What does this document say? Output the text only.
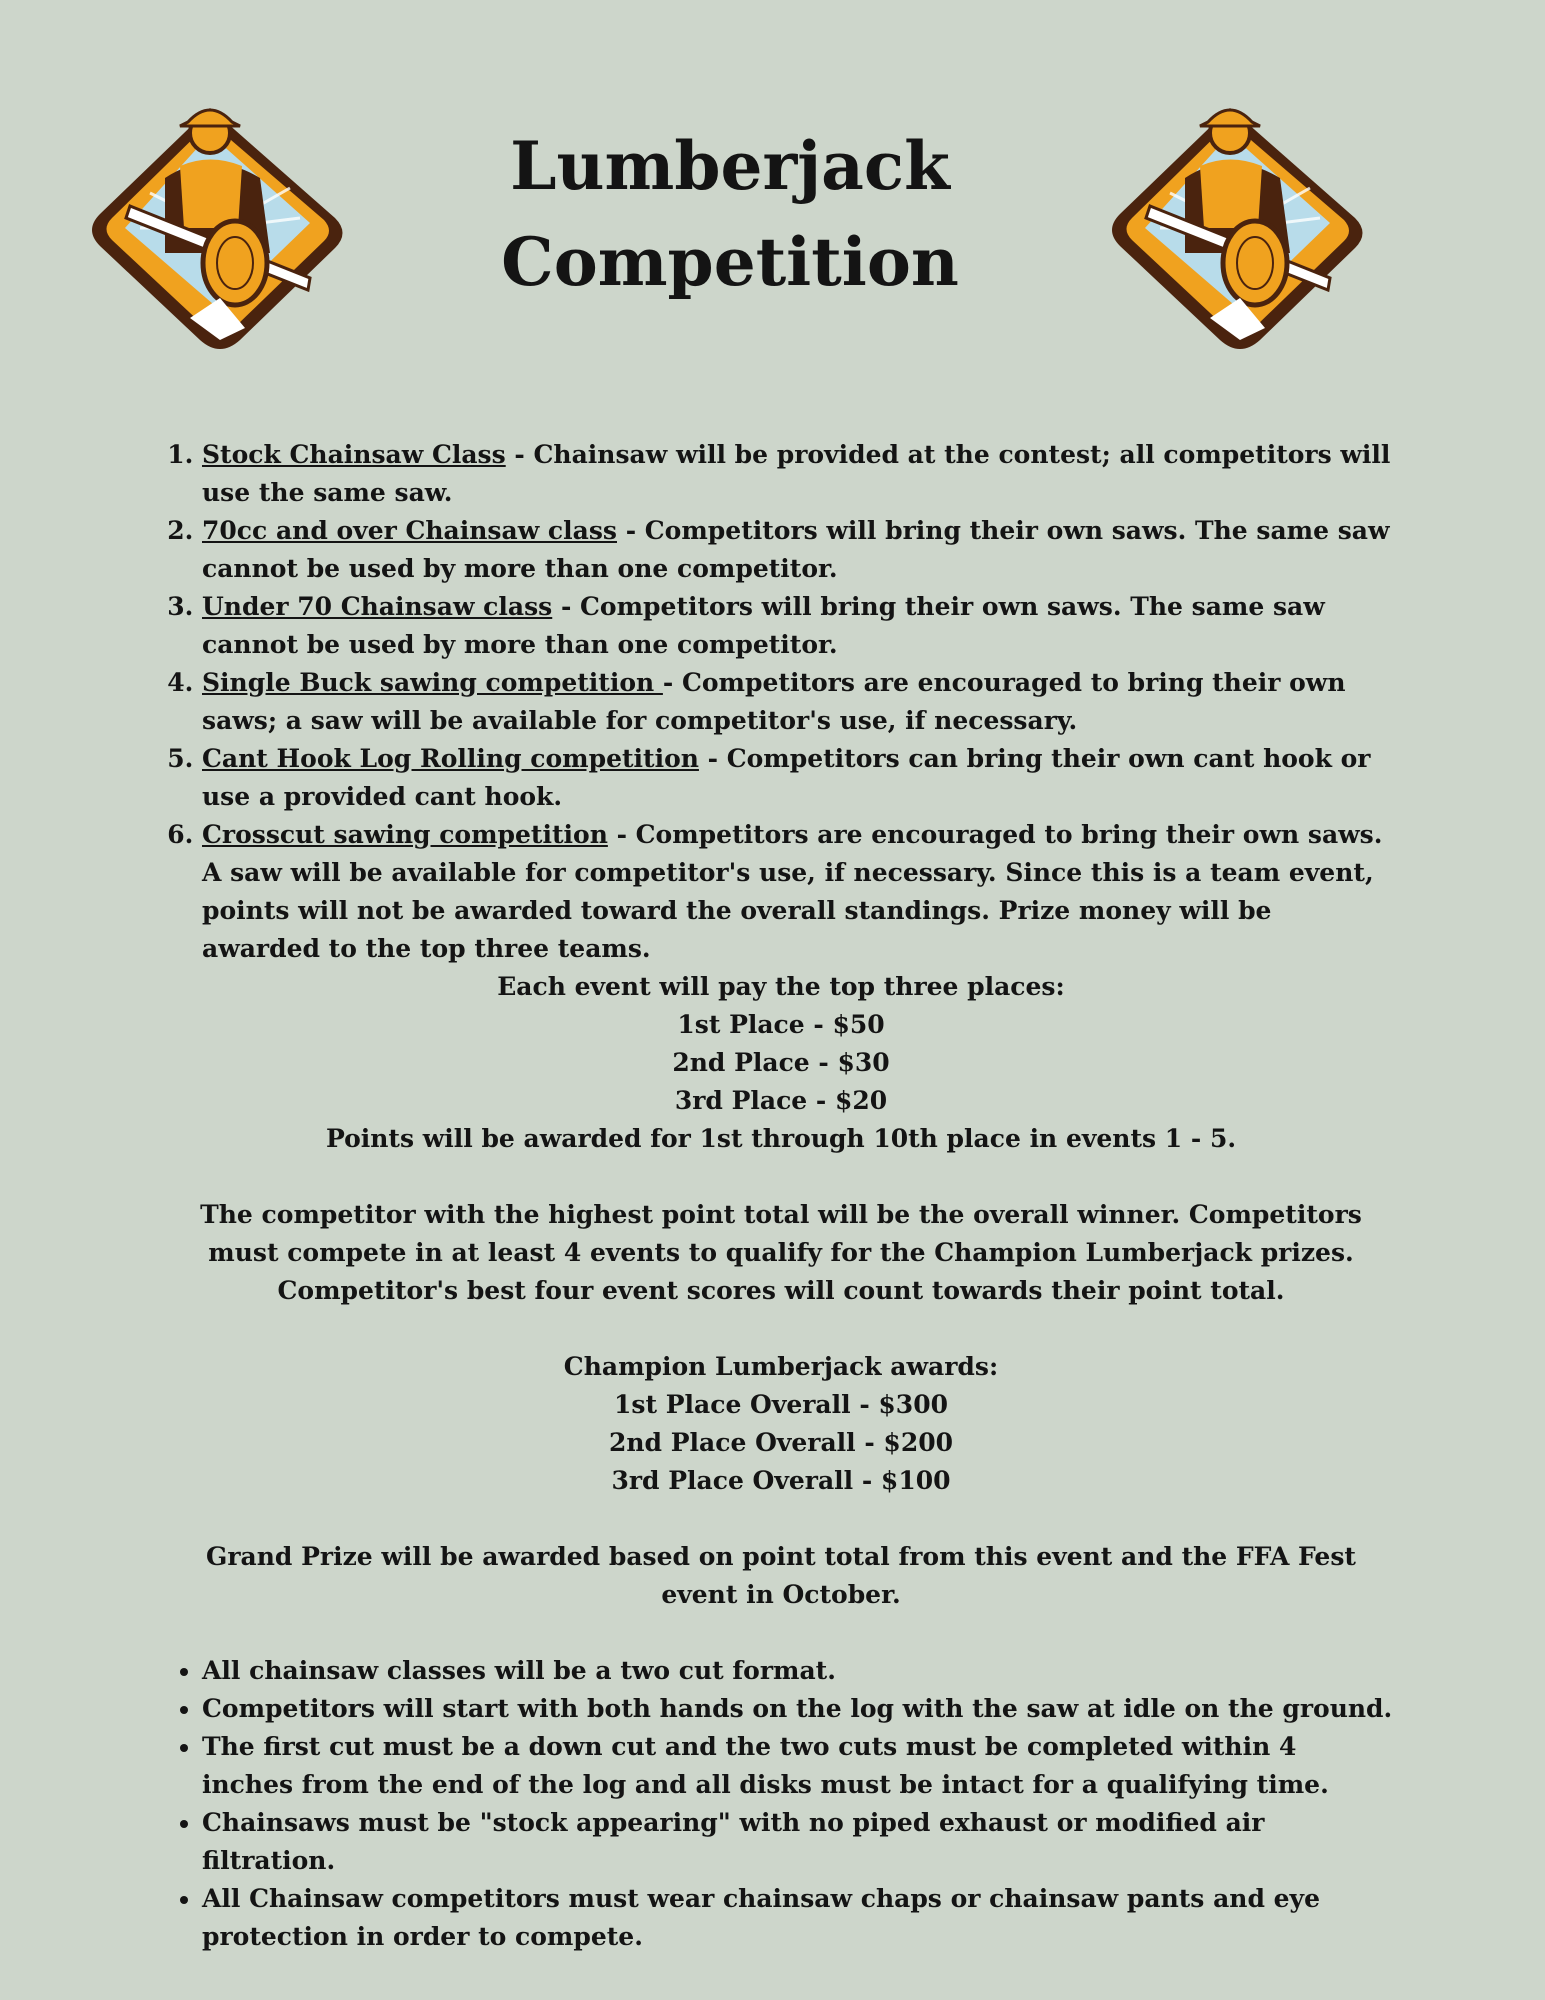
Lumberjack
Competition
1. Stock Chainsaw Class - Chainsaw will be provided at the contest; all competitors will use the same saw.
2. 70cc and over Chainsaw class - Competitors will bring their own saws. The same saw cannot be used by more than one competitor.
3. Under 70 Chainsaw class - Competitors will bring their own saws. The same saw cannot be used by more than one competitor.
4. Single Buck sawing competition - Competitors are encouraged to bring their own saws; a saw will be available for competitor's use, if necessary.
5. Cant Hook Log Rolling competition - Competitors can bring their own cant hook or use a provided cant hook.
6. Crosscut sawing competition - Competitors are encouraged to bring their own saws. A saw will be available for competitor's use, if necessary. Since this is a team event, points will not be awarded toward the overall standings. Prize money will be awarded to the top three teams.
Each event will pay the top three places:
1st Place - $50
2nd Place - $30
3rd Place - $20
Points will be awarded for 1st through 10th place in events 1 - 5.
The competitor with the highest point total will be the overall winner. Competitors must compete in at least 4 events to qualify for the Champion Lumberjack prizes. Competitor's best four event scores will count towards their point total.
Champion Lumberjack awards:
1st Place Overall - $300
2nd Place Overall - $200
3rd Place Overall - $100
Grand Prize will be awarded based on point total from this event and the FFA Fest event in October.
• All chainsaw classes will be a two cut format.
• Competitors will start with both hands on the log with the saw at idle on the ground.
• The first cut must be a down cut and the two cuts must be completed within 4 inches from the end of the log and all disks must be intact for a qualifying time.
• Chainsaws must be "stock appearing" with no piped exhaust or modified air filtration.
• All Chainsaw competitors must wear chainsaw chaps or chainsaw pants and eye protection in order to compete.
